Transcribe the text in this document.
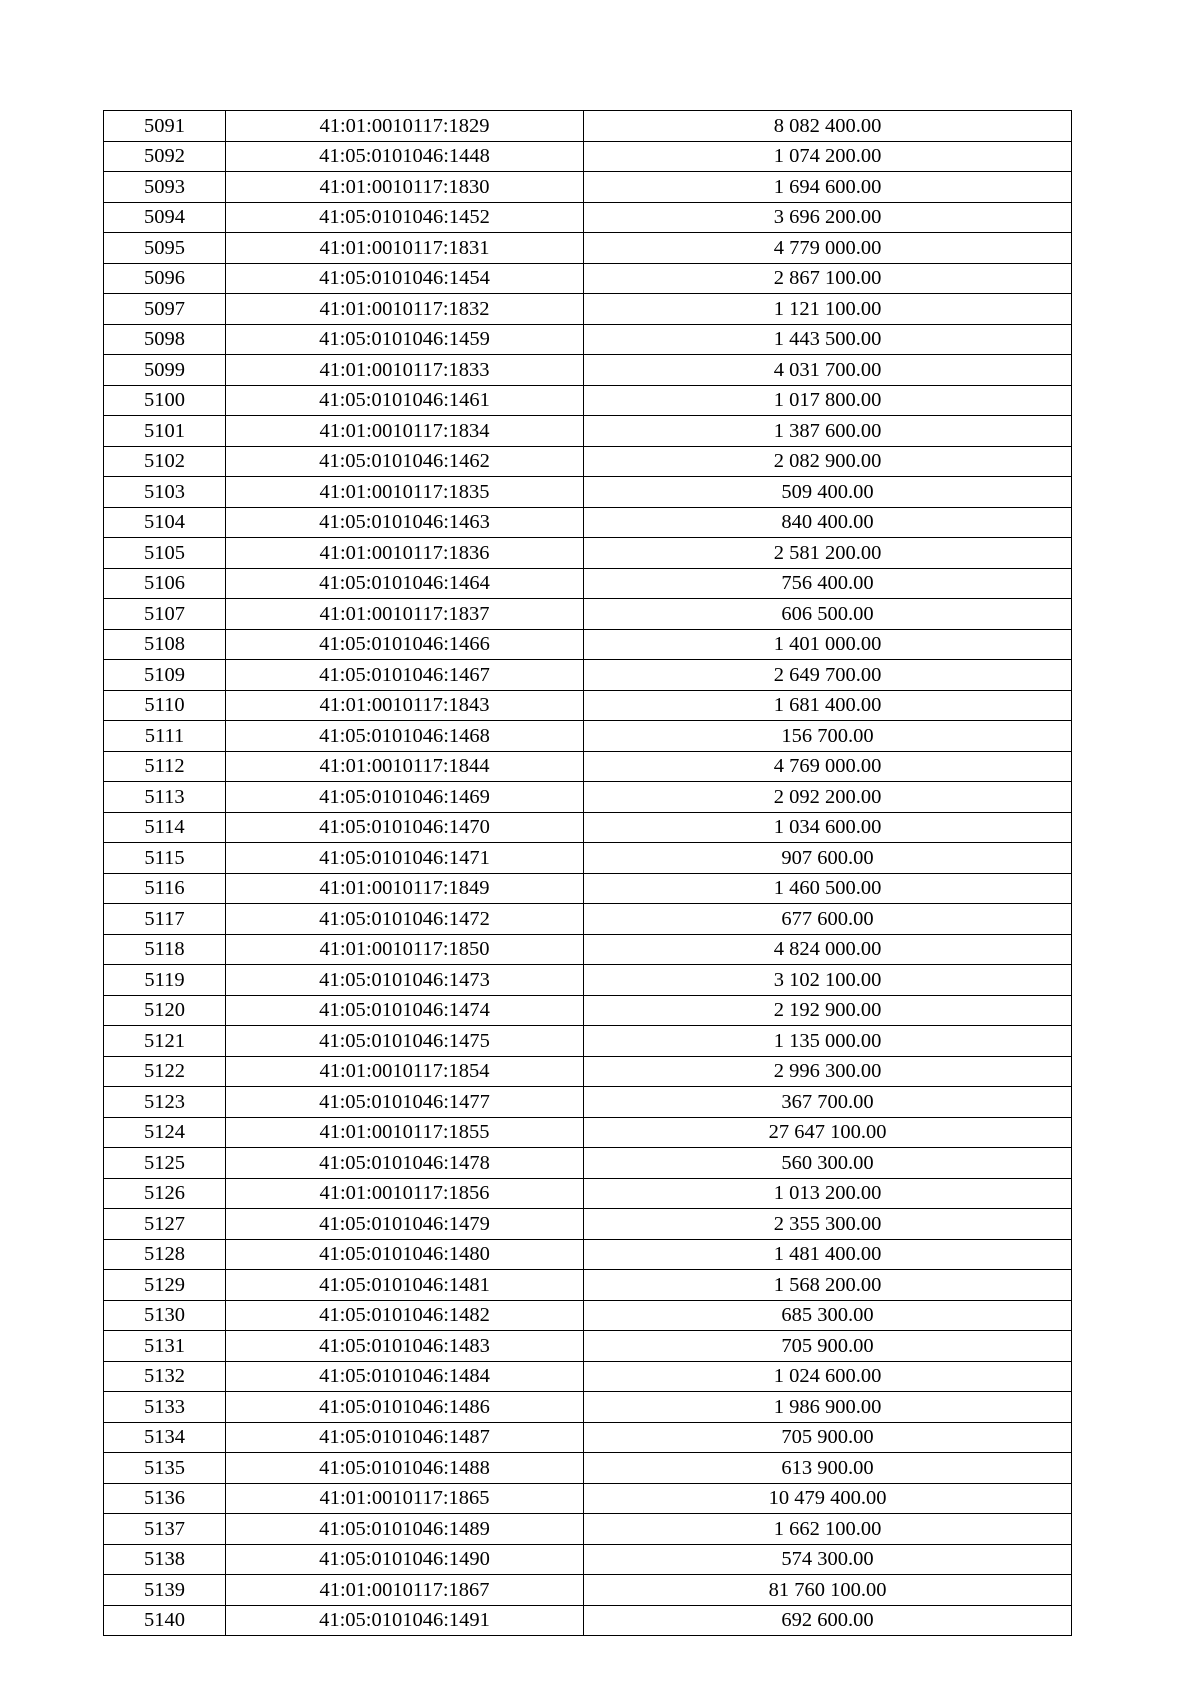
5091	41:01:0010117:1829	8 082 400.00
5092	41:05:0101046:1448	1 074 200.00
5093	41:01:0010117:1830	1 694 600.00
5094	41:05:0101046:1452	3 696 200.00
5095	41:01:0010117:1831	4 779 000.00
5096	41:05:0101046:1454	2 867 100.00
5097	41:01:0010117:1832	1 121 100.00
5098	41:05:0101046:1459	1 443 500.00
5099	41:01:0010117:1833	4 031 700.00
5100	41:05:0101046:1461	1 017 800.00
5101	41:01:0010117:1834	1 387 600.00
5102	41:05:0101046:1462	2 082 900.00
5103	41:01:0010117:1835	509 400.00
5104	41:05:0101046:1463	840 400.00
5105	41:01:0010117:1836	2 581 200.00
5106	41:05:0101046:1464	756 400.00
5107	41:01:0010117:1837	606 500.00
5108	41:05:0101046:1466	1 401 000.00
5109	41:05:0101046:1467	2 649 700.00
5110	41:01:0010117:1843	1 681 400.00
5111	41:05:0101046:1468	156 700.00
5112	41:01:0010117:1844	4 769 000.00
5113	41:05:0101046:1469	2 092 200.00
5114	41:05:0101046:1470	1 034 600.00
5115	41:05:0101046:1471	907 600.00
5116	41:01:0010117:1849	1 460 500.00
5117	41:05:0101046:1472	677 600.00
5118	41:01:0010117:1850	4 824 000.00
5119	41:05:0101046:1473	3 102 100.00
5120	41:05:0101046:1474	2 192 900.00
5121	41:05:0101046:1475	1 135 000.00
5122	41:01:0010117:1854	2 996 300.00
5123	41:05:0101046:1477	367 700.00
5124	41:01:0010117:1855	27 647 100.00
5125	41:05:0101046:1478	560 300.00
5126	41:01:0010117:1856	1 013 200.00
5127	41:05:0101046:1479	2 355 300.00
5128	41:05:0101046:1480	1 481 400.00
5129	41:05:0101046:1481	1 568 200.00
5130	41:05:0101046:1482	685 300.00
5131	41:05:0101046:1483	705 900.00
5132	41:05:0101046:1484	1 024 600.00
5133	41:05:0101046:1486	1 986 900.00
5134	41:05:0101046:1487	705 900.00
5135	41:05:0101046:1488	613 900.00
5136	41:01:0010117:1865	10 479 400.00
5137	41:05:0101046:1489	1 662 100.00
5138	41:05:0101046:1490	574 300.00
5139	41:01:0010117:1867	81 760 100.00
5140	41:05:0101046:1491	692 600.00
